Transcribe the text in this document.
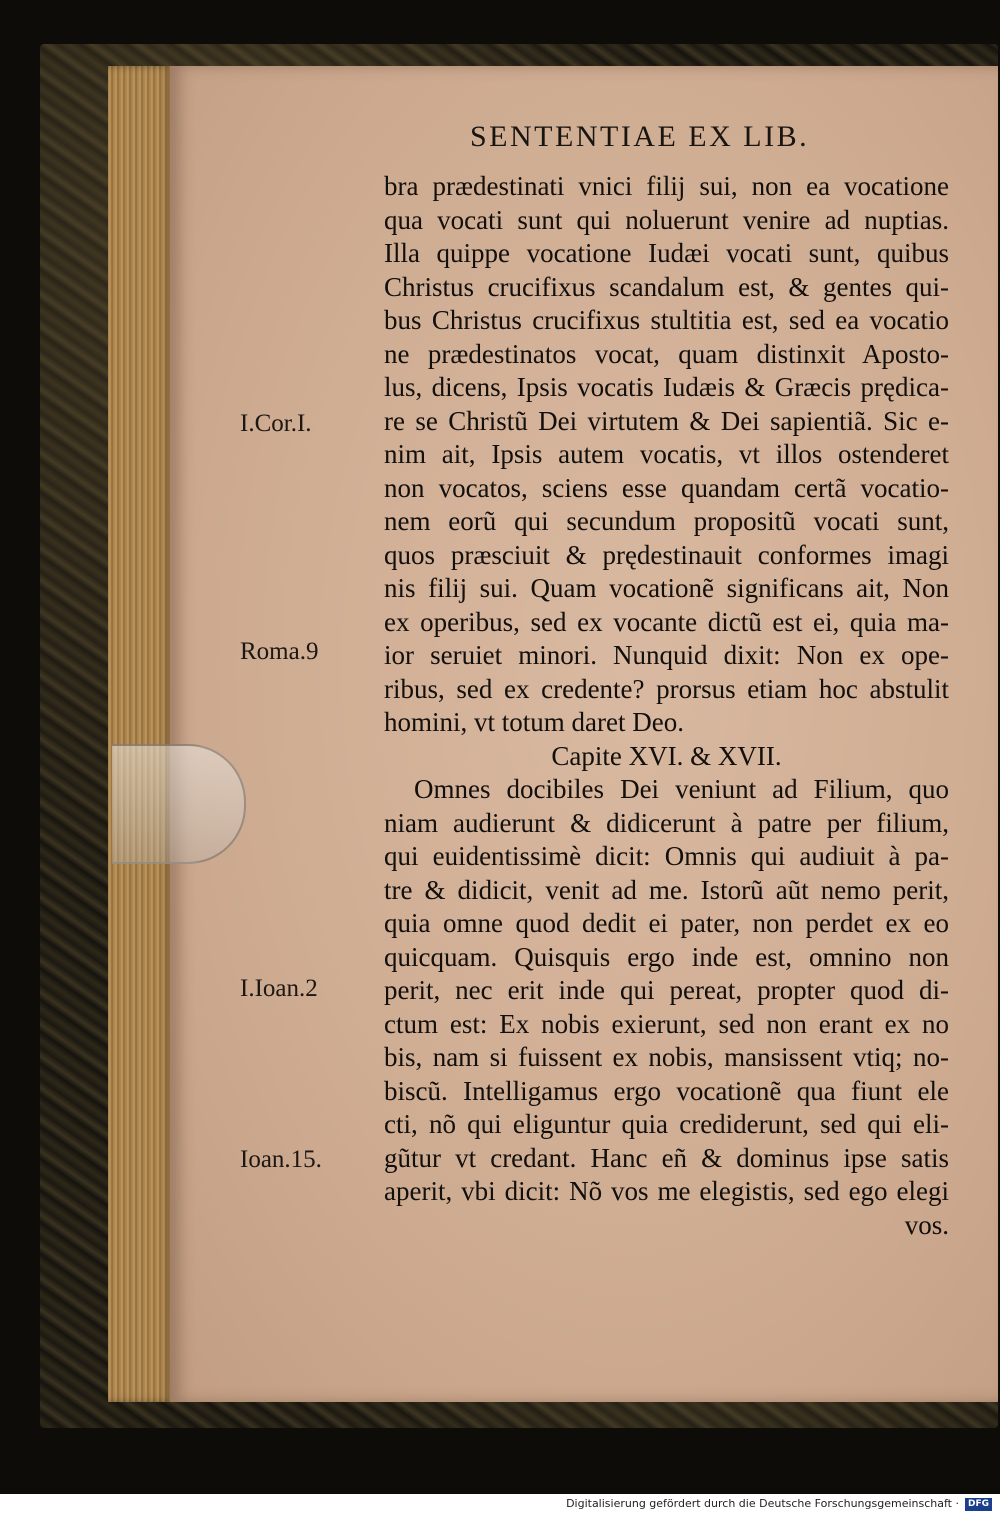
SENTENTIAE EX LIB.
I.Cor.I.
Roma.9
I.Ioan.2
Ioan.15.
bra prædestinati vnici filij sui, non ea vocatione
qua vocati sunt qui noluerunt venire ad nuptias.
Illa quippe vocatione Iudæi vocati sunt, quibus
Christus crucifixus scandalum est, & gentes qui-
bus Christus crucifixus stultitia est, sed ea vocatio
ne prædestinatos vocat, quam distinxit Aposto-
lus, dicens, Ipsis vocatis Iudæis & Græcis prędica-
re se Christũ Dei virtutem & Dei sapientiã. Sic e-
nim ait, Ipsis autem vocatis, vt illos ostenderet
non vocatos, sciens esse quandam certã vocatio-
nem eorũ qui secundum propositũ vocati sunt,
quos præsciuit & prędestinauit conformes imagi
nis filij sui. Quam vocationẽ significans ait, Non
ex operibus, sed ex vocante dictũ est ei, quia ma-
ior seruiet minori. Nunquid dixit: Non ex ope-
ribus, sed ex credente? prorsus etiam hoc abstulit
homini, vt totum daret Deo.
Capite XVI. & XVII.
Omnes docibiles Dei veniunt ad Filium, quo
niam audierunt & didicerunt à patre per filium,
qui euidentissimè dicit: Omnis qui audiuit à pa-
tre & didicit, venit ad me. Istorũ aũt nemo perit,
quia omne quod dedit ei pater, non perdet ex eo
quicquam. Quisquis ergo inde est, omnino non
perit, nec erit inde qui pereat, propter quod di-
ctum est: Ex nobis exierunt, sed non erant ex no
bis, nam si fuissent ex nobis, mansissent vtiq; no-
biscũ. Intelligamus ergo vocationẽ qua fiunt ele
cti, nõ qui eliguntur quia crediderunt, sed qui eli-
gũtur vt credant. Hanc eñ & dominus ipse satis
aperit, vbi dicit: Nõ vos me elegistis, sed ego elegi
vos.
Digitalisierung gefördert durch die Deutsche Forschungsgemeinschaft · DFG
